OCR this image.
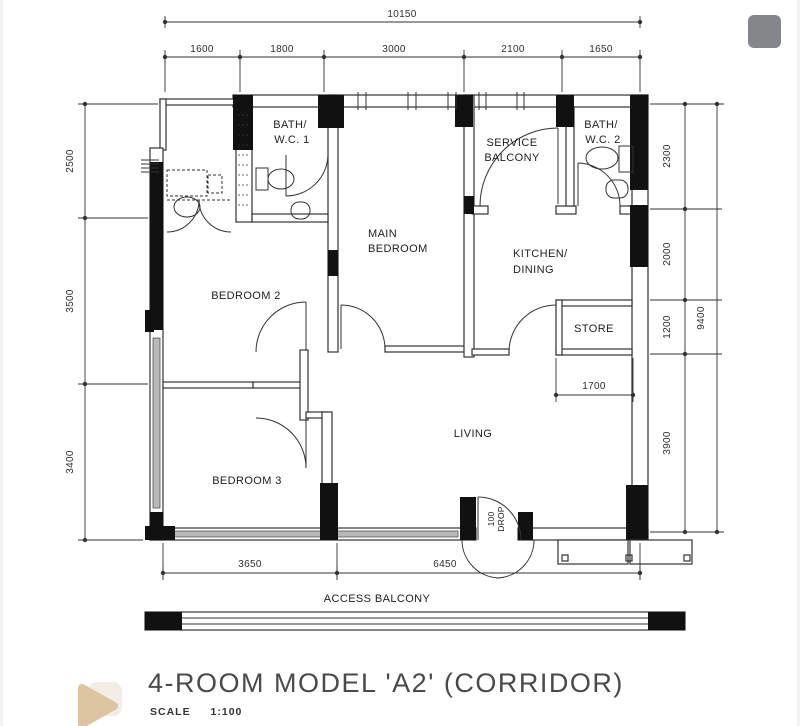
10150
1600	1800	3000	2100	1650
2500
3500
3400
2300
2000
1200
3900
9400
3650	6450
1700
BATH/
W.C. 1	SERVICE
BALCONY
BATH/
W.C. 2
MAIN
BEDROOM	KITCHEN/
DINING
BEDROOM 2
STORE
LIVING
BEDROOM 3
ACCESS BALCONY
100 DROP
4-ROOM MODEL 'A2' (CORRIDOR)
SCALE 1:100
